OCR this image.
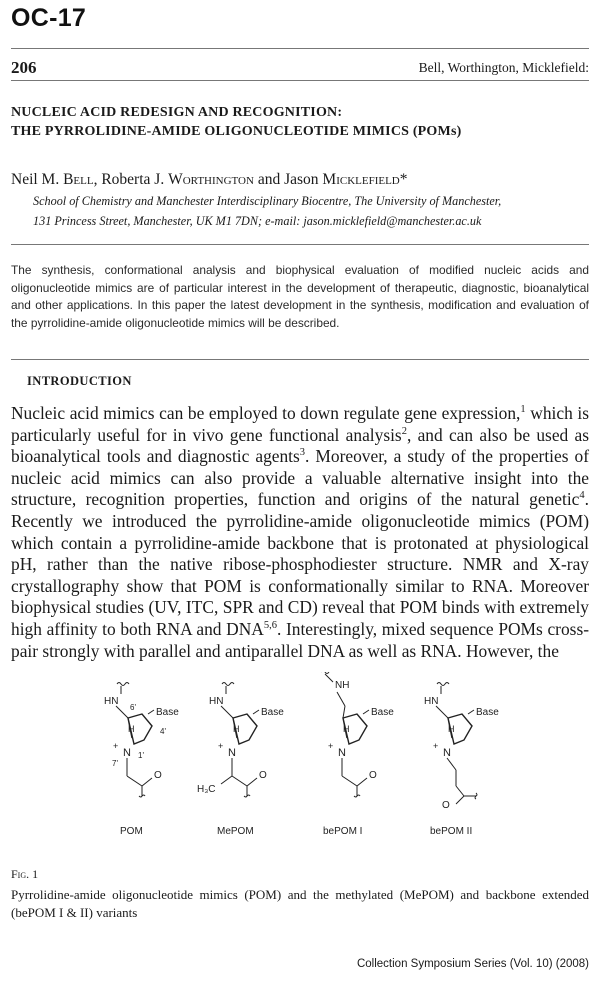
OC-17
206	Bell, Worthington, Micklefield:
NUCLEIC ACID REDESIGN AND RECOGNITION:
THE PYRROLIDINE-AMIDE OLIGONUCLEOTIDE MIMICS (POMs)
Neil M. Bell, Roberta J. Worthington and Jason Micklefield*
School of Chemistry and Manchester Interdisciplinary Biocentre, The University of Manchester,
131 Princess Street, Manchester, UK M1 7DN; e-mail: jason.micklefield@manchester.ac.uk
The synthesis, conformational analysis and biophysical evaluation of modified nucleic acids and oligonucleotide mimics are of particular interest in the development of therapeutic, diagnostic, bioanalytical and other applications. In this paper the latest development in the synthesis, modification and evaluation of the pyrrolidine-amide oligonucleotide mimics will be described.
INTRODUCTION
Nucleic acid mimics can be employed to down regulate gene expression,$^1$ which is particularly useful for in vivo gene functional analysis$^2$, and can also be used as bioanalytical tools and diagnostic agents$^3$. Moreover, a study of the properties of nucleic acid mimics can also provide a valuable alternative insight into the structure, recognition properties, function and origins of the natural genetic$^4$. Recently we introduced the pyrrolidine-amide oligonucleotide mimics (POM) which contain a pyrrolidine-amide backbone that is protonated at physiological pH, rather than the native ribose-phosphodiester structure. NMR and X-ray crystallography show that POM is conformationally similar to RNA. Moreover biophysical studies (UV, ITC, SPR and CD) reveal that POM binds with extremely high affinity to both RNA and DNA$^{5,6}$. Interestingly, mixed sequence POMs cross-pair strongly with parallel and antiparallel DNA as well as RNA. However, the
HN
6'
H
Base
4'
N
+
7'
1'
O
POM
HN
H
Base
N
+
H₃C
O
MePOM
NH
H
Base
N
+
O
bePOM I
HN
H
Base
N
+
O
bePOM II
Fig. 1
Pyrrolidine-amide oligonucleotide mimics (POM) and the methylated (MePOM) and backbone extended (bePOM I & II) variants
Collection Symposium Series (Vol. 10) (2008)
